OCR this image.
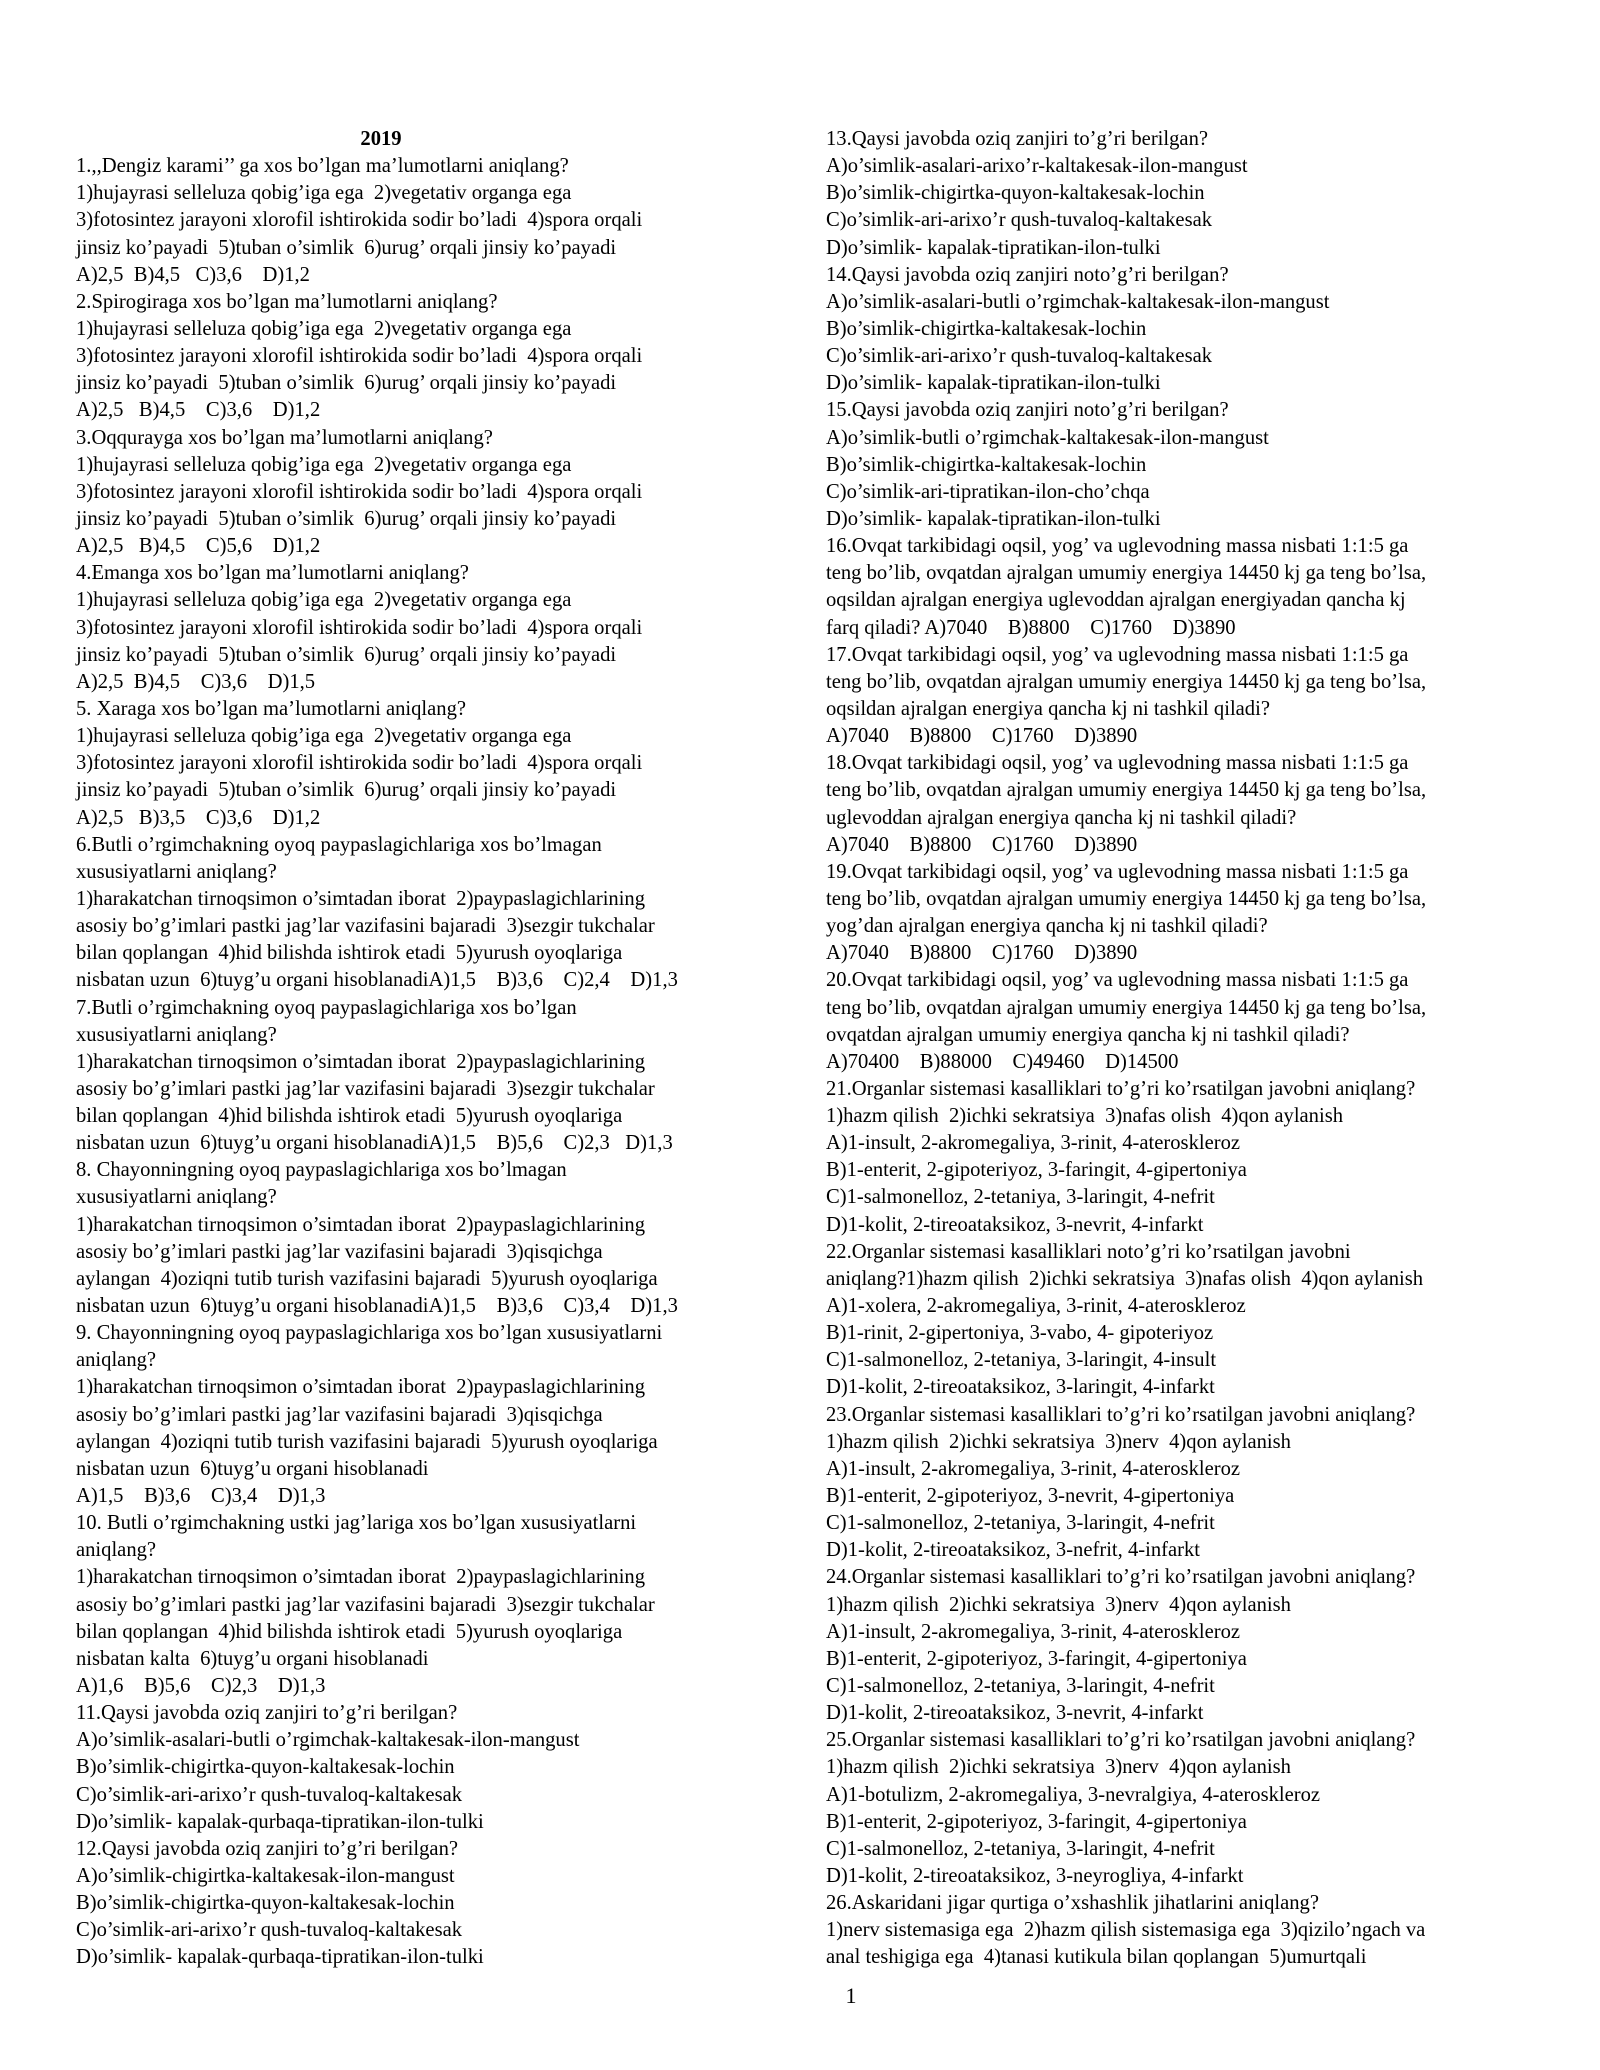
2019
1.,,Dengiz karami’’ ga xos bo’lgan ma’lumotlarni aniqlang?
1)hujayrasi selleluza qobig’iga ega  2)vegetativ organga ega
3)fotosintez jarayoni xlorofil ishtirokida sodir bo’ladi  4)spora orqali
jinsiz ko’payadi  5)tuban o’simlik  6)urug’ orqali jinsiy ko’payadi
A)2,5  B)4,5   C)3,6    D)1,2
2.Spirogiraga xos bo’lgan ma’lumotlarni aniqlang?
1)hujayrasi selleluza qobig’iga ega  2)vegetativ organga ega
3)fotosintez jarayoni xlorofil ishtirokida sodir bo’ladi  4)spora orqali
jinsiz ko’payadi  5)tuban o’simlik  6)urug’ orqali jinsiy ko’payadi
A)2,5   B)4,5    C)3,6    D)1,2
3.Oqqurayga xos bo’lgan ma’lumotlarni aniqlang?
1)hujayrasi selleluza qobig’iga ega  2)vegetativ organga ega
3)fotosintez jarayoni xlorofil ishtirokida sodir bo’ladi  4)spora orqali
jinsiz ko’payadi  5)tuban o’simlik  6)urug’ orqali jinsiy ko’payadi
A)2,5   B)4,5    C)5,6    D)1,2
4.Emanga xos bo’lgan ma’lumotlarni aniqlang?
1)hujayrasi selleluza qobig’iga ega  2)vegetativ organga ega
3)fotosintez jarayoni xlorofil ishtirokida sodir bo’ladi  4)spora orqali
jinsiz ko’payadi  5)tuban o’simlik  6)urug’ orqali jinsiy ko’payadi
A)2,5  B)4,5    C)3,6    D)1,5
5. Xaraga xos bo’lgan ma’lumotlarni aniqlang?
1)hujayrasi selleluza qobig’iga ega  2)vegetativ organga ega
3)fotosintez jarayoni xlorofil ishtirokida sodir bo’ladi  4)spora orqali
jinsiz ko’payadi  5)tuban o’simlik  6)urug’ orqali jinsiy ko’payadi
A)2,5   B)3,5    C)3,6    D)1,2
6.Butli o’rgimchakning oyoq paypaslagichlariga xos bo’lmagan
xususiyatlarni aniqlang?
1)harakatchan tirnoqsimon o’simtadan iborat  2)paypaslagichlarining
asosiy bo’g’imlari pastki jag’lar vazifasini bajaradi  3)sezgir tukchalar
bilan qoplangan  4)hid bilishda ishtirok etadi  5)yurush oyoqlariga
nisbatan uzun  6)tuyg’u organi hisoblanadiA)1,5    B)3,6    C)2,4    D)1,3
7.Butli o’rgimchakning oyoq paypaslagichlariga xos bo’lgan
xususiyatlarni aniqlang?
1)harakatchan tirnoqsimon o’simtadan iborat  2)paypaslagichlarining
asosiy bo’g’imlari pastki jag’lar vazifasini bajaradi  3)sezgir tukchalar
bilan qoplangan  4)hid bilishda ishtirok etadi  5)yurush oyoqlariga
nisbatan uzun  6)tuyg’u organi hisoblanadiA)1,5    B)5,6    C)2,3   D)1,3
8. Chayonningning oyoq paypaslagichlariga xos bo’lmagan
xususiyatlarni aniqlang?
1)harakatchan tirnoqsimon o’simtadan iborat  2)paypaslagichlarining
asosiy bo’g’imlari pastki jag’lar vazifasini bajaradi  3)qisqichga
aylangan  4)oziqni tutib turish vazifasini bajaradi  5)yurush oyoqlariga
nisbatan uzun  6)tuyg’u organi hisoblanadiA)1,5    B)3,6    C)3,4    D)1,3
9. Chayonningning oyoq paypaslagichlariga xos bo’lgan xususiyatlarni
aniqlang?
1)harakatchan tirnoqsimon o’simtadan iborat  2)paypaslagichlarining
asosiy bo’g’imlari pastki jag’lar vazifasini bajaradi  3)qisqichga
aylangan  4)oziqni tutib turish vazifasini bajaradi  5)yurush oyoqlariga
nisbatan uzun  6)tuyg’u organi hisoblanadi
A)1,5    B)3,6    C)3,4    D)1,3
10. Butli o’rgimchakning ustki jag’lariga xos bo’lgan xususiyatlarni
aniqlang?
1)harakatchan tirnoqsimon o’simtadan iborat  2)paypaslagichlarining
asosiy bo’g’imlari pastki jag’lar vazifasini bajaradi  3)sezgir tukchalar
bilan qoplangan  4)hid bilishda ishtirok etadi  5)yurush oyoqlariga
nisbatan kalta  6)tuyg’u organi hisoblanadi
A)1,6    B)5,6    C)2,3    D)1,3
11.Qaysi javobda oziq zanjiri to’g’ri berilgan?
A)o’simlik-asalari-butli o’rgimchak-kaltakesak-ilon-mangust
B)o’simlik-chigirtka-quyon-kaltakesak-lochin
C)o’simlik-ari-arixo’r qush-tuvaloq-kaltakesak
D)o’simlik- kapalak-qurbaqa-tipratikan-ilon-tulki
12.Qaysi javobda oziq zanjiri to’g’ri berilgan?
A)o’simlik-chigirtka-kaltakesak-ilon-mangust
B)o’simlik-chigirtka-quyon-kaltakesak-lochin
C)o’simlik-ari-arixo’r qush-tuvaloq-kaltakesak
D)o’simlik- kapalak-qurbaqa-tipratikan-ilon-tulki
13.Qaysi javobda oziq zanjiri to’g’ri berilgan?
A)o’simlik-asalari-arixo’r-kaltakesak-ilon-mangust
B)o’simlik-chigirtka-quyon-kaltakesak-lochin
C)o’simlik-ari-arixo’r qush-tuvaloq-kaltakesak
D)o’simlik- kapalak-tipratikan-ilon-tulki
14.Qaysi javobda oziq zanjiri noto’g’ri berilgan?
A)o’simlik-asalari-butli o’rgimchak-kaltakesak-ilon-mangust
B)o’simlik-chigirtka-kaltakesak-lochin
C)o’simlik-ari-arixo’r qush-tuvaloq-kaltakesak
D)o’simlik- kapalak-tipratikan-ilon-tulki
15.Qaysi javobda oziq zanjiri noto’g’ri berilgan?
A)o’simlik-butli o’rgimchak-kaltakesak-ilon-mangust
B)o’simlik-chigirtka-kaltakesak-lochin
C)o’simlik-ari-tipratikan-ilon-cho’chqa
D)o’simlik- kapalak-tipratikan-ilon-tulki
16.Ovqat tarkibidagi oqsil, yog’ va uglevodning massa nisbati 1:1:5 ga
teng bo’lib, ovqatdan ajralgan umumiy energiya 14450 kj ga teng bo’lsa,
oqsildan ajralgan energiya uglevoddan ajralgan energiyadan qancha kj
farq qiladi? A)7040    B)8800    C)1760    D)3890
17.Ovqat tarkibidagi oqsil, yog’ va uglevodning massa nisbati 1:1:5 ga
teng bo’lib, ovqatdan ajralgan umumiy energiya 14450 kj ga teng bo’lsa,
oqsildan ajralgan energiya qancha kj ni tashkil qiladi?
A)7040    B)8800    C)1760    D)3890
18.Ovqat tarkibidagi oqsil, yog’ va uglevodning massa nisbati 1:1:5 ga
teng bo’lib, ovqatdan ajralgan umumiy energiya 14450 kj ga teng bo’lsa,
uglevoddan ajralgan energiya qancha kj ni tashkil qiladi?
A)7040    B)8800    C)1760    D)3890
19.Ovqat tarkibidagi oqsil, yog’ va uglevodning massa nisbati 1:1:5 ga
teng bo’lib, ovqatdan ajralgan umumiy energiya 14450 kj ga teng bo’lsa,
yog’dan ajralgan energiya qancha kj ni tashkil qiladi?
A)7040    B)8800    C)1760    D)3890
20.Ovqat tarkibidagi oqsil, yog’ va uglevodning massa nisbati 1:1:5 ga
teng bo’lib, ovqatdan ajralgan umumiy energiya 14450 kj ga teng bo’lsa,
ovqatdan ajralgan umumiy energiya qancha kj ni tashkil qiladi?
A)70400    B)88000    C)49460    D)14500
21.Organlar sistemasi kasalliklari to’g’ri ko’rsatilgan javobni aniqlang?
1)hazm qilish  2)ichki sekratsiya  3)nafas olish  4)qon aylanish
A)1-insult, 2-akromegaliya, 3-rinit, 4-ateroskleroz
B)1-enterit, 2-gipoteriyoz, 3-faringit, 4-gipertoniya
C)1-salmonelloz, 2-tetaniya, 3-laringit, 4-nefrit
D)1-kolit, 2-tireoataksikoz, 3-nevrit, 4-infarkt
22.Organlar sistemasi kasalliklari noto’g’ri ko’rsatilgan javobni
aniqlang?1)hazm qilish  2)ichki sekratsiya  3)nafas olish  4)qon aylanish
A)1-xolera, 2-akromegaliya, 3-rinit, 4-ateroskleroz
B)1-rinit, 2-gipertoniya, 3-vabo, 4- gipoteriyoz
C)1-salmonelloz, 2-tetaniya, 3-laringit, 4-insult
D)1-kolit, 2-tireoataksikoz, 3-laringit, 4-infarkt
23.Organlar sistemasi kasalliklari to’g’ri ko’rsatilgan javobni aniqlang?
1)hazm qilish  2)ichki sekratsiya  3)nerv  4)qon aylanish
A)1-insult, 2-akromegaliya, 3-rinit, 4-ateroskleroz
B)1-enterit, 2-gipoteriyoz, 3-nevrit, 4-gipertoniya
C)1-salmonelloz, 2-tetaniya, 3-laringit, 4-nefrit
D)1-kolit, 2-tireoataksikoz, 3-nefrit, 4-infarkt
24.Organlar sistemasi kasalliklari to’g’ri ko’rsatilgan javobni aniqlang?
1)hazm qilish  2)ichki sekratsiya  3)nerv  4)qon aylanish
A)1-insult, 2-akromegaliya, 3-rinit, 4-ateroskleroz
B)1-enterit, 2-gipoteriyoz, 3-faringit, 4-gipertoniya
C)1-salmonelloz, 2-tetaniya, 3-laringit, 4-nefrit
D)1-kolit, 2-tireoataksikoz, 3-nevrit, 4-infarkt
25.Organlar sistemasi kasalliklari to’g’ri ko’rsatilgan javobni aniqlang?
1)hazm qilish  2)ichki sekratsiya  3)nerv  4)qon aylanish
A)1-botulizm, 2-akromegaliya, 3-nevralgiya, 4-ateroskleroz
B)1-enterit, 2-gipoteriyoz, 3-faringit, 4-gipertoniya
C)1-salmonelloz, 2-tetaniya, 3-laringit, 4-nefrit
D)1-kolit, 2-tireoataksikoz, 3-neyrogliya, 4-infarkt
26.Askaridani jigar qurtiga o’xshashlik jihatlarini aniqlang?
1)nerv sistemasiga ega  2)hazm qilish sistemasiga ega  3)qizilo’ngach va
anal teshigiga ega  4)tanasi kutikula bilan qoplangan  5)umurtqali
1
